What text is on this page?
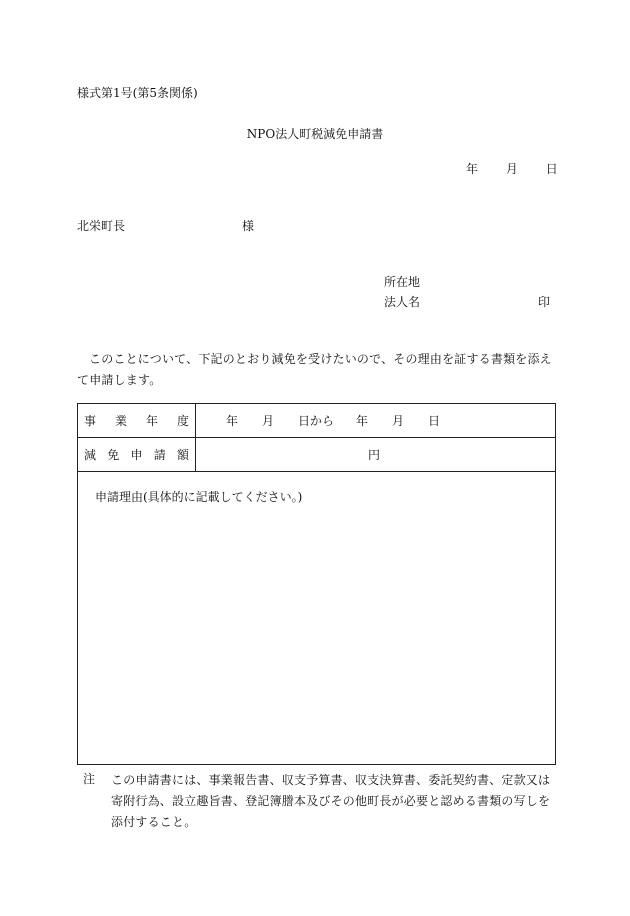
様式第1号(第5条関係)
NPO法人町税減免申請書
年 月 日
北栄町長	様
所在地
法人名	印
このことについて、下記のとおり減免を受けたいので、その理由を証する書類を添えて申請します。
事 業 年 度	年 月 日から 年 月 日
減 免 申 請 額	円
申請理由(具体的に記載してください。)
注 この申請書には、事業報告書、収支予算書、収支決算書、委託契約書、定款又は寄附行為、設立趣旨書、登記簿謄本及びその他町長が必要と認める書類の写しを添付すること。
